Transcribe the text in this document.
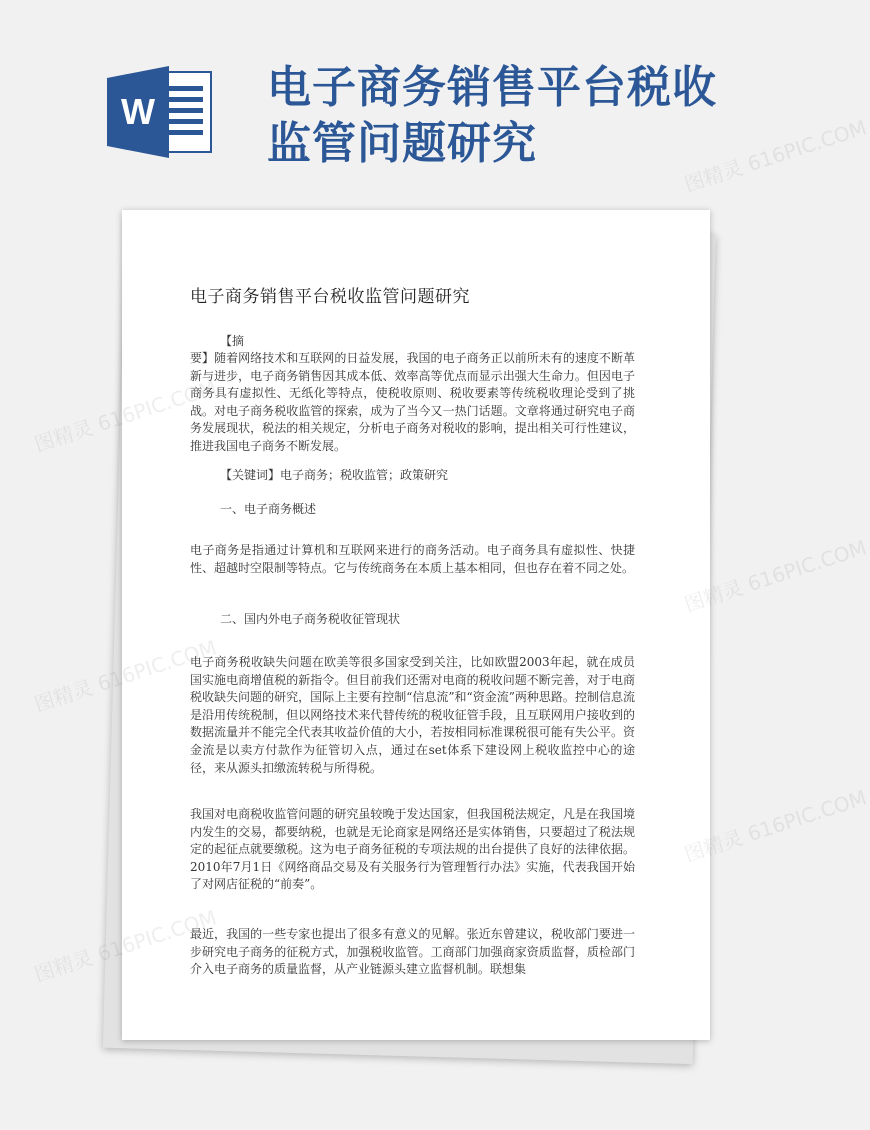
W	电子商务销售平台税收
监管问题研究
电子商务销售平台税收监管问题研究
【摘
要】随着网络技术和互联网的日益发展，我国的电子商务正以前所未有的速度不断革新与进步，电子商务销售因其成本低、效率高等优点而显示出强大生命力。但因电子商务具有虚拟性、无纸化等特点，使税收原则、税收要素等传统税收理论受到了挑战。对电子商务税收监管的探索，成为了当今又一热门话题。文章将通过研究电子商务发展现状，税法的相关规定，分析电子商务对税收的影响，提出相关可行性建议，推进我国电子商务不断发展。
【关键词】电子商务；税收监管；政策研究
一、电子商务概述
电子商务是指通过计算机和互联网来进行的商务活动。电子商务具有虚拟性、快捷性、超越时空限制等特点。它与传统商务在本质上基本相同，但也存在着不同之处。
二、国内外电子商务税收征管现状
电子商务税收缺失问题在欧美等很多国家受到关注，比如欧盟2003年起，就在成员国实施电商增值税的新指令。但目前我们还需对电商的税收问题不断完善，对于电商税收缺失问题的研究，国际上主要有控制“信息流”和“资金流”两种思路。控制信息流是沿用传统税制，但以网络技术来代替传统的税收征管手段，且互联网用户接收到的数据流量并不能完全代表其收益价值的大小，若按相同标准课税很可能有失公平。资金流是以卖方付款作为征管切入点，通过在set体系下建设网上税收监控中心的途径，来从源头扣缴流转税与所得税。
我国对电商税收监管问题的研究虽较晚于发达国家，但我国税法规定，凡是在我国境内发生的交易，都要纳税，也就是无论商家是网络还是实体销售，只要超过了税法规定的起征点就要缴税。这为电子商务征税的专项法规的出台提供了良好的法律依据。2010年7月1日《网络商品交易及有关服务行为管理暂行办法》实施，代表我国开始了对网店征税的“前奏”。
最近，我国的一些专家也提出了很多有意义的见解。张近东曾建议，税收部门要进一步研究电子商务的征税方式，加强税收监管。工商部门加强商家资质监督，质检部门介入电子商务的质量监督，从产业链源头建立监督机制。联想集
图精灵 616PIC.COM
图精灵
图精灵 616PIC.COM
图精灵
图精灵 616PIC.COM
图精灵
